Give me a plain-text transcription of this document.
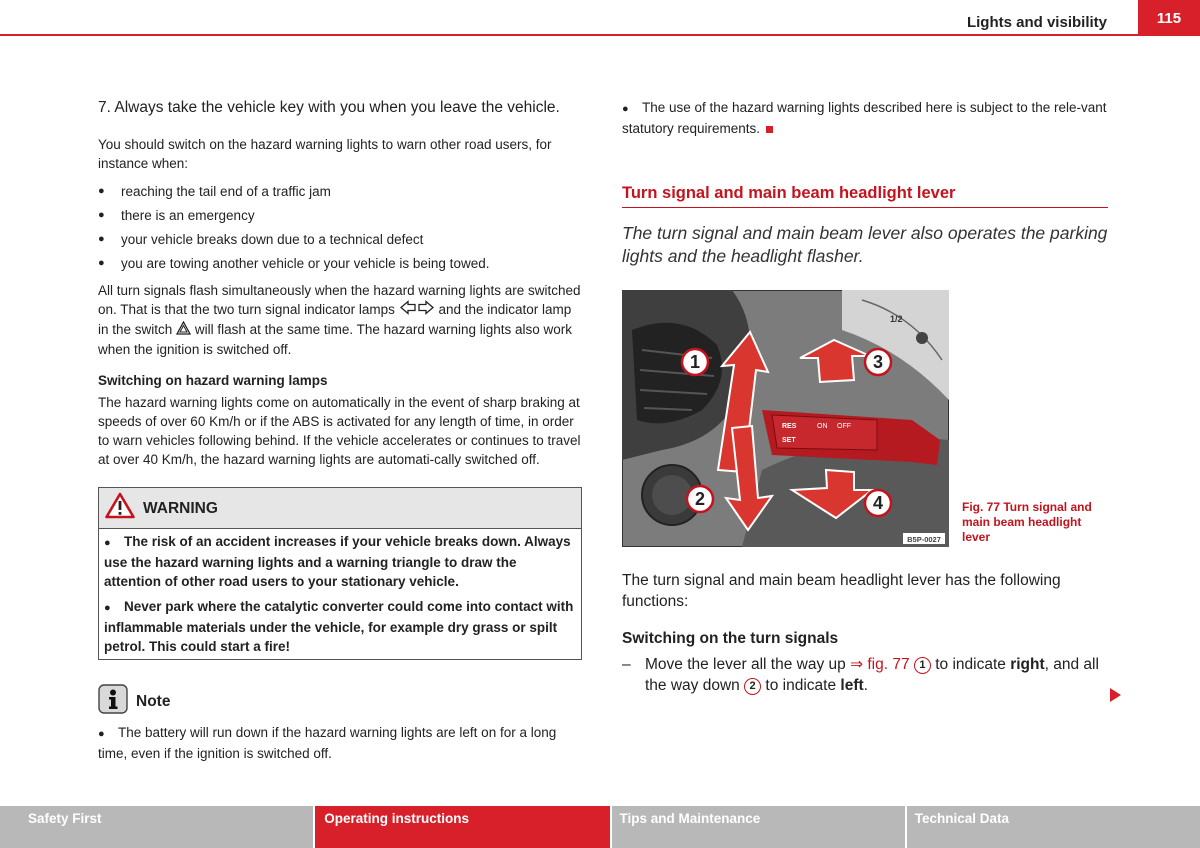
Lights and visibility	115

7. Always take the vehicle key with you when you leave the vehicle.

You should switch on the hazard warning lights to warn other road users, for instance when:

● reaching the tail end of a traffic jam
● there is an emergency
● your vehicle breaks down due to a technical defect
● you are towing another vehicle or your vehicle is being towed.

All turn signals flash simultaneously when the hazard warning lights are switched on. That is that the two turn signal indicator lamps	and the indicator lamp in the switch will flash at the same time. The hazard warning lights also work when the ignition is switched off.

Switching on hazard warning lamps

The hazard warning lights come on automatically in the event of sharp braking at speeds of over 60 Km/h or if the ABS is activated for any length of time, in order to warn vehicles following behind. If the vehicle accelerates or continues to travel at over 40 Km/h, the hazard warning lights are automati-cally switched off.

WARNING

● The risk of an accident increases if your vehicle breaks down. Always use the hazard warning lights and a warning triangle to draw the attention of other road users to your stationary vehicle.

● Never park where the catalytic converter could come into contact with inflammable materials under the vehicle, for example dry grass or spilt petrol. This could start a fire!

Note

● The battery will run down if the hazard warning lights are left on for a long time, even if the ignition is switched off.

● The use of the hazard warning lights described here is subject to the rele-vant statutory requirements.

Turn signal and main beam headlight lever

The turn signal and main beam lever also operates the parking lights and the headlight flasher.

RES	ON OFF
SET
1/2
1
2
3
4
B5P-0027
Fig. 77 Turn signal and main beam headlight lever

The turn signal and main beam headlight lever has the following functions:

Switching on the turn signals

– Move the lever all the way up ⇒ fig. 77 1 to indicate right, and all the way down 2 to indicate left.
Safety First	Operating instructions	Tips and Maintenance	Technical Data
